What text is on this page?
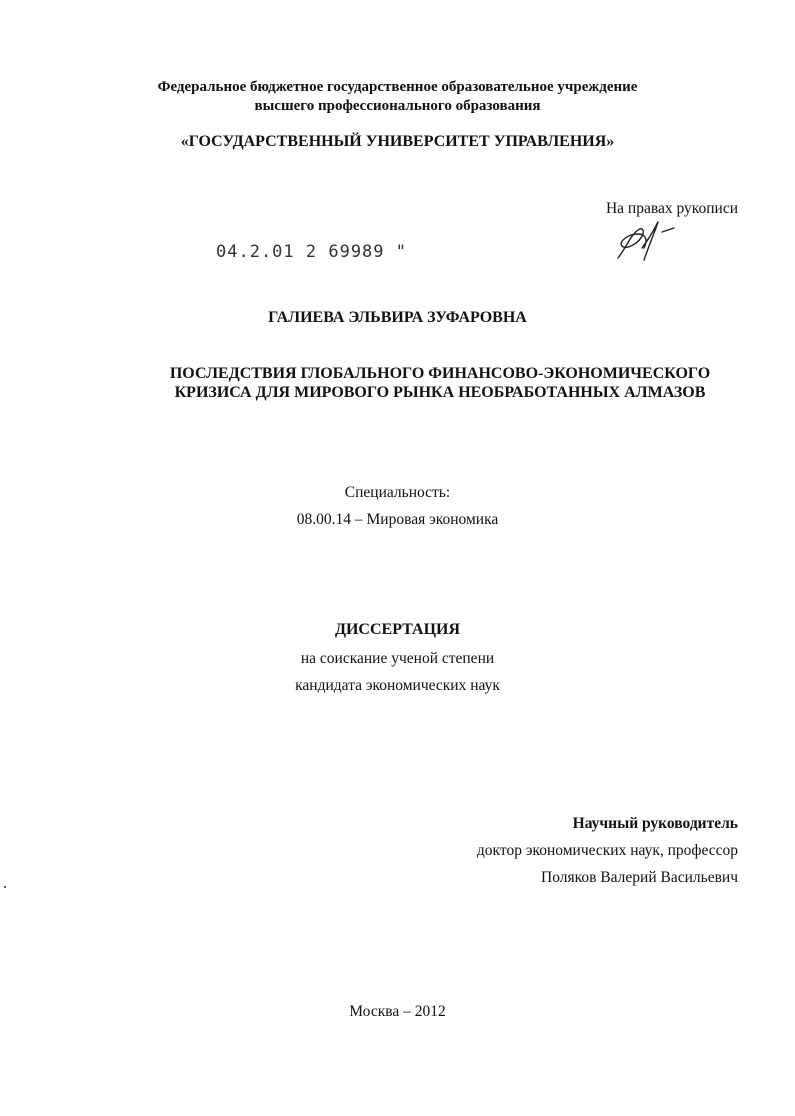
Федеральное бюджетное государственное образовательное учреждение
высшего профессионального образования
«ГОСУДАРСТВЕННЫЙ УНИВЕРСИТЕТ УПРАВЛЕНИЯ»
На правах рукописи
04.2.01 2 69989 "
ГАЛИЕВА ЭЛЬВИРА ЗУФАРОВНА
ПОСЛЕДСТВИЯ ГЛОБАЛЬНОГО ФИНАНСОВО-ЭКОНОМИЧЕСКОГО
КРИЗИСА ДЛЯ МИРОВОГО РЫНКА НЕОБРАБОТАННЫХ АЛМАЗОВ
Специальность:
08.00.14 – Мировая экономика
ДИССЕРТАЦИЯ
на соискание ученой степени
кандидата экономических наук
Научный руководитель
доктор экономических наук, профессор
Поляков Валерий Васильевич
Москва – 2012
